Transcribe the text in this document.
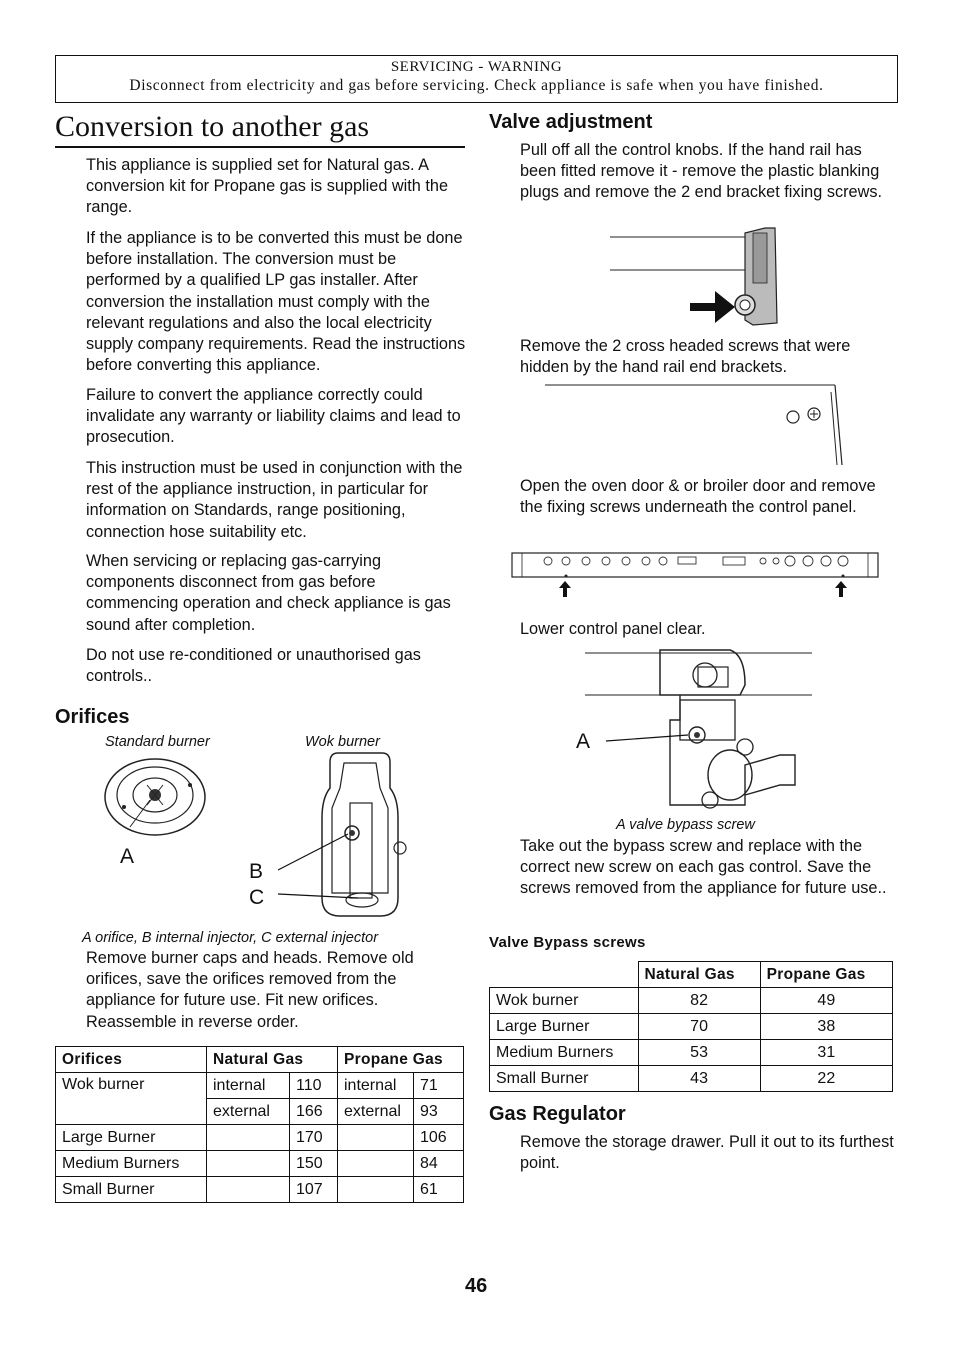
SERVICING - WARNING
Disconnect from electricity and gas before servicing. Check appliance is safe when you have finished.
Conversion to another gas
This appliance is supplied set for Natural gas. A conversion kit for Propane gas is supplied with the range.
If the appliance is to be converted this must be done before installation. The conversion must be performed by a qualified LP gas installer. After conversion the installation must comply with the relevant regulations and also the local electricity supply company requirements. Read the instructions before converting this appliance.
Failure to convert the appliance correctly could invalidate any warranty or liability claims and lead to prosecution.
This instruction must be used in conjunction with the rest of the appliance instruction, in particular for information on Standards, range positioning, connection hose suitability etc.
When servicing or replacing gas-carrying components disconnect from gas before commencing operation and check appliance is gas sound after completion.
Do not use re-conditioned or unauthorised gas controls..
Orifices
Standard burner	Wok burner
A
B
C
A orifice, B internal injector, C external injector
Remove burner caps and heads. Remove old orifices, save the orifices removed from the appliance for future use. Fit new orifices. Reassemble in reverse order.
Orifices	Natural Gas		Propane Gas	
Wok burner	internal	110	internal	71
	external	166	external	93
Large Burner		170		106
Medium Burners		150		84
Small Burner		107		61
Valve adjustment
Pull off all the control knobs. If the hand rail has been fitted remove it - remove the plastic blanking plugs and remove the 2 end bracket fixing screws.
Remove the 2 cross headed screws that were hidden by the hand rail end brackets.
Open the oven door & or broiler door and remove the fixing screws underneath the control panel.
Lower control panel clear.
A
A valve bypass screw
Take out the bypass screw and replace with the correct new screw on each gas control. Save the screws removed from the appliance for future use..
Valve Bypass screws
	Natural Gas	Propane Gas
Wok burner	82	49
Large Burner	70	38
Medium Burners	53	31
Small Burner	43	22
Gas Regulator
Remove the storage drawer. Pull it out to its furthest point.
46
